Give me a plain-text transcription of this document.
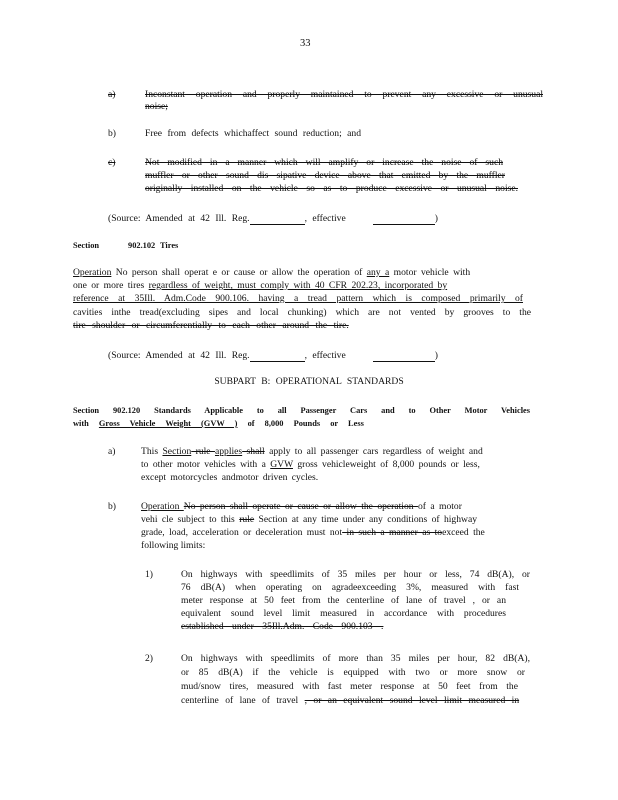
33
a)	Inconstant operation and properly maintained to prevent any excessive or unusual
noise;
b)	Free from defects whichaffect sound reduction; and
c)	Not modified in a manner which will amplify or increase the noise of such
muffler or other sound dis sipative device above that emitted by the muffler
originally installed on the vehicle so as to produce excessive or unusual noise.
(Source: Amended at 42 Ill. Reg.	, effective	)
Section	902.102 Tires
Operation No person shall operat e or cause or allow the operation of any a motor vehicle with
one or more tires regardless of weight, must comply with 40 CFR 202.23, incorporated by
reference at 35Ill. Adm.Code 900.106. having a tread pattern which is composed primarily of
cavities inthe tread(excluding sipes and local chunking) which are not vented by grooves to the
tire shoulder or circumferentially to each other around the tire.
(Source: Amended at 42 Ill. Reg.	, effective	)
SUBPART B: OPERATIONAL STANDARDS
Section 902.120 Standards Applicable to all Passenger Cars and to Other Motor Vehicles
with Gross Vehicle Weight (GVW ) of 8,000 Pounds or Less
a)	This Section rule applies shall apply to all passenger cars regardless of weight and
to other motor vehicles with a GVW gross vehicleweight of 8,000 pounds or less,
except motorcycles andmotor driven cycles.
b)	Operation No person shall operate or cause or allow the operation of a motor
vehi cle subject to this rule Section at any time under any conditions of highway
grade, load, acceleration or deceleration must not in such a manner as toexceed the
following limits:
1)	On highways with speedlimits of 35 miles per hour or less, 74 dB(A), or
76 dB(A) when operating on agradeexceeding 3%, measured with fast
meter response at 50 feet from the centerline of lane of travel , or an
equivalent sound level limit measured in accordance with procedures
established under 35Ill.Adm. Code 900.103 .
2)	On highways with speedlimits of more than 35 miles per hour, 82 dB(A),
or 85 dB(A) if the vehicle is equipped with two or more snow or
mud/snow tires, measured with fast meter response at 50 feet from the
centerline of lane of travel , or an equivalent sound level limit measured in
